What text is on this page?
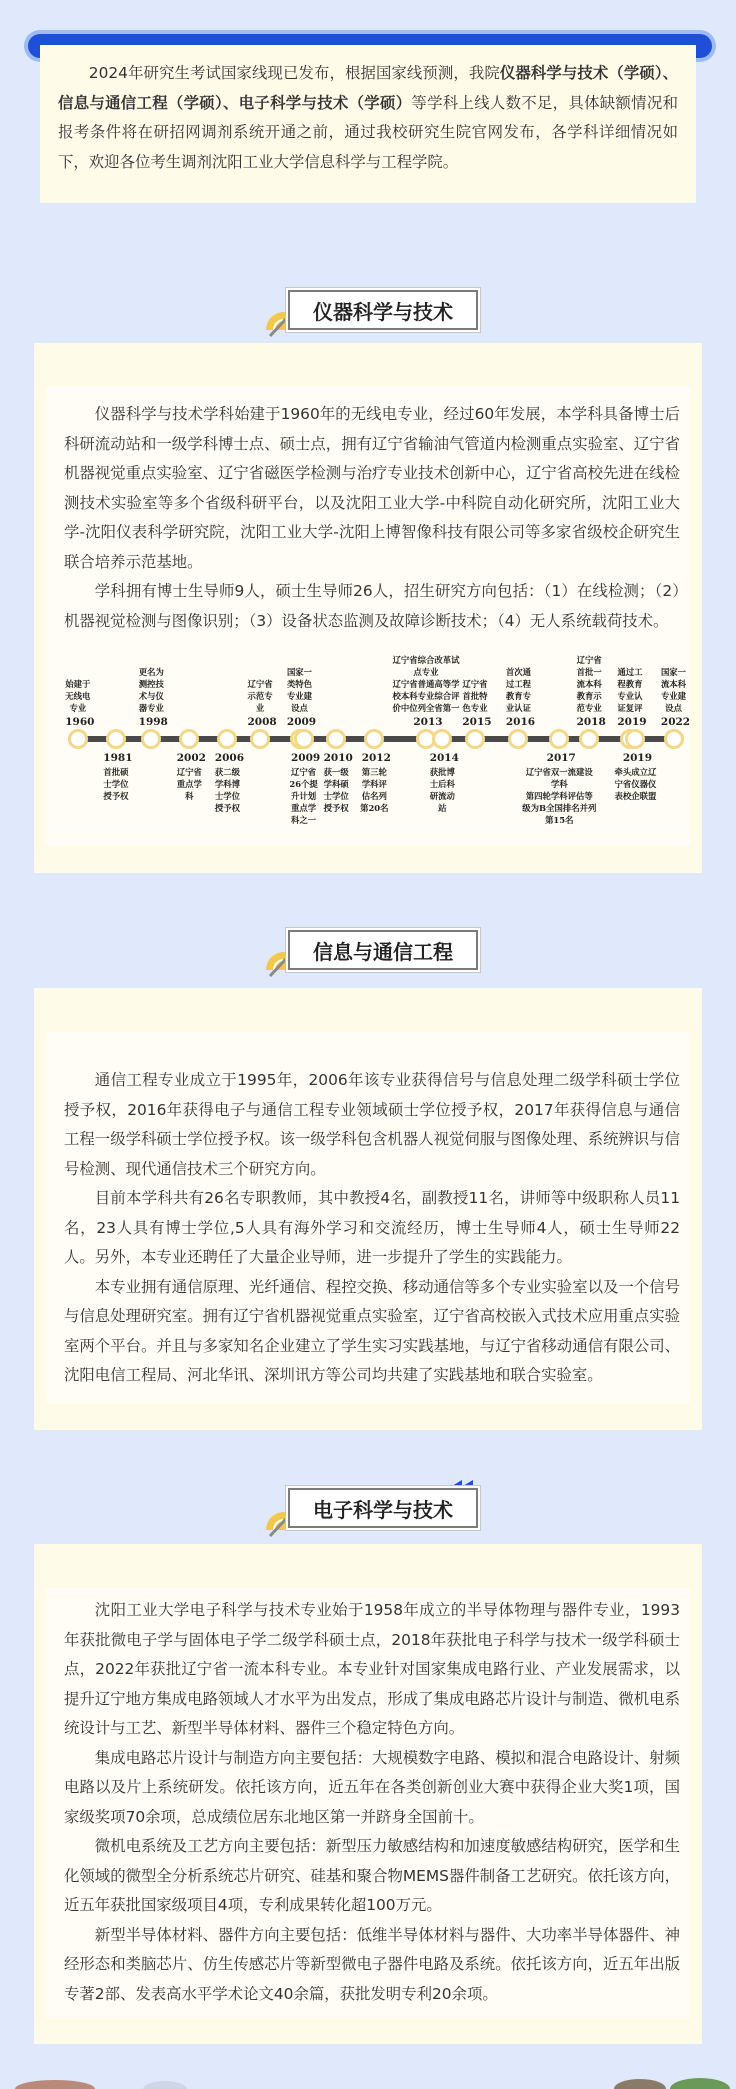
2024年研究生考试国家线现已发布，根据国家线预测，我院仪器科学与技术（学硕）、信息与通信工程（学硕）、电子科学与技术（学硕）等学科上线人数不足，具体缺额情况和报考条件将在研招网调剂系统开通之前，通过我校研究生院官网发布，各学科详细情况如下，欢迎各位考生调剂沈阳工业大学信息科学与工程学院。

仪器科学与技术

仪器科学与技术学科始建于1960年的无线电专业，经过60年发展，本学科具备博士后科研流动站和一级学科博士点、硕士点，拥有辽宁省输油气管道内检测重点实验室、辽宁省机器视觉重点实验室、辽宁省磁医学检测与治疗专业技术创新中心，辽宁省高校先进在线检测技术实验室等多个省级科研平台，以及沈阳工业大学-中科院自动化研究所，沈阳工业大学-沈阳仪表科学研究院，沈阳工业大学-沈阳上博智像科技有限公司等多家省级校企研究生联合培养示范基地。

学科拥有博士生导师9人，硕士生导师26人，招生研究方向包括：（1）在线检测；（2）机器视觉检测与图像识别；（3）设备状态监测及故障诊断技术；（4）无人系统载荷技术。

1960
始建于
无线电
专业
1998
更名为
测控技
术与仪
器专业
2008
辽宁省
示范专
业
2009
国家一
类特色
专业建
设点
2013
辽宁省综合改革试
点专业
辽宁省普通高等学
校本科专业综合评
价中位列全省第一
2015
辽宁省
首批特
色专业
2016
首次通
过工程
教育专
业认证
2018
辽宁省
首批一
流本科
教育示
范专业
2019
通过工
程教育
专业认
证复评
2022
国家一
流本科
专业建
设点
1981
首批硕
士学位
授予权
2002
辽宁省
重点学
科
2006
获二级
学科博
士学位
授予权
2009
辽宁省
26个提
升计划
重点学
科之一
2010
获一级
学科硕
士学位
授予权
2012
第三轮
学科评
估名列
第20名
2014
获批博
士后科
研流动
站
2017
辽宁省双一流建设
学科
第四轮学科评估等
级为B全国排名并列
第15名
2019
牵头成立辽
宁省仪器仪
表校企联盟
信息与通信工程

通信工程专业成立于1995年，2006年该专业获得信号与信息处理二级学科硕士学位授予权，2016年获得电子与通信工程专业领域硕士学位授予权，2017年获得信息与通信工程一级学科硕士学位授予权。该一级学科包含机器人视觉伺服与图像处理、系统辨识与信号检测、现代通信技术三个研究方向。

目前本学科共有26名专职教师，其中教授4名，副教授11名，讲师等中级职称人员11名，23人具有博士学位,5人具有海外学习和交流经历，博士生导师4人，硕士生导师22人。另外，本专业还聘任了大量企业导师，进一步提升了学生的实践能力。

本专业拥有通信原理、光纤通信、程控交换、移动通信等多个专业实验室以及一个信号与信息处理研究室。拥有辽宁省机器视觉重点实验室，辽宁省高校嵌入式技术应用重点实验室两个平台。并且与多家知名企业建立了学生实习实践基地，与辽宁省移动通信有限公司、沈阳电信工程局、河北华讯、深圳讯方等公司均共建了实践基地和联合实验室。

电子科学与技术

沈阳工业大学电子科学与技术专业始于1958年成立的半导体物理与器件专业，1993年获批微电子学与固体电子学二级学科硕士点，2018年获批电子科学与技术一级学科硕士点，2022年获批辽宁省一流本科专业。本专业针对国家集成电路行业、产业发展需求，以提升辽宁地方集成电路领域人才水平为出发点，形成了集成电路芯片设计与制造、微机电系统设计与工艺、新型半导体材料、器件三个稳定特色方向。

集成电路芯片设计与制造方向主要包括：大规模数字电路、模拟和混合电路设计、射频电路以及片上系统研发。依托该方向，近五年在各类创新创业大赛中获得企业大奖1项，国家级奖项70余项，总成绩位居东北地区第一并跻身全国前十。

微机电系统及工艺方向主要包括：新型压力敏感结构和加速度敏感结构研究，医学和生化领域的微型全分析系统芯片研究、硅基和聚合物MEMS器件制备工艺研究。依托该方向，近五年获批国家级项目4项，专利成果转化超100万元。

新型半导体材料、器件方向主要包括：低维半导体材料与器件、大功率半导体器件、神经形态和类脑芯片、仿生传感芯片等新型微电子器件电路及系统。依托该方向，近五年出版专著2部、发表高水平学术论文40余篇，获批发明专利20余项。
